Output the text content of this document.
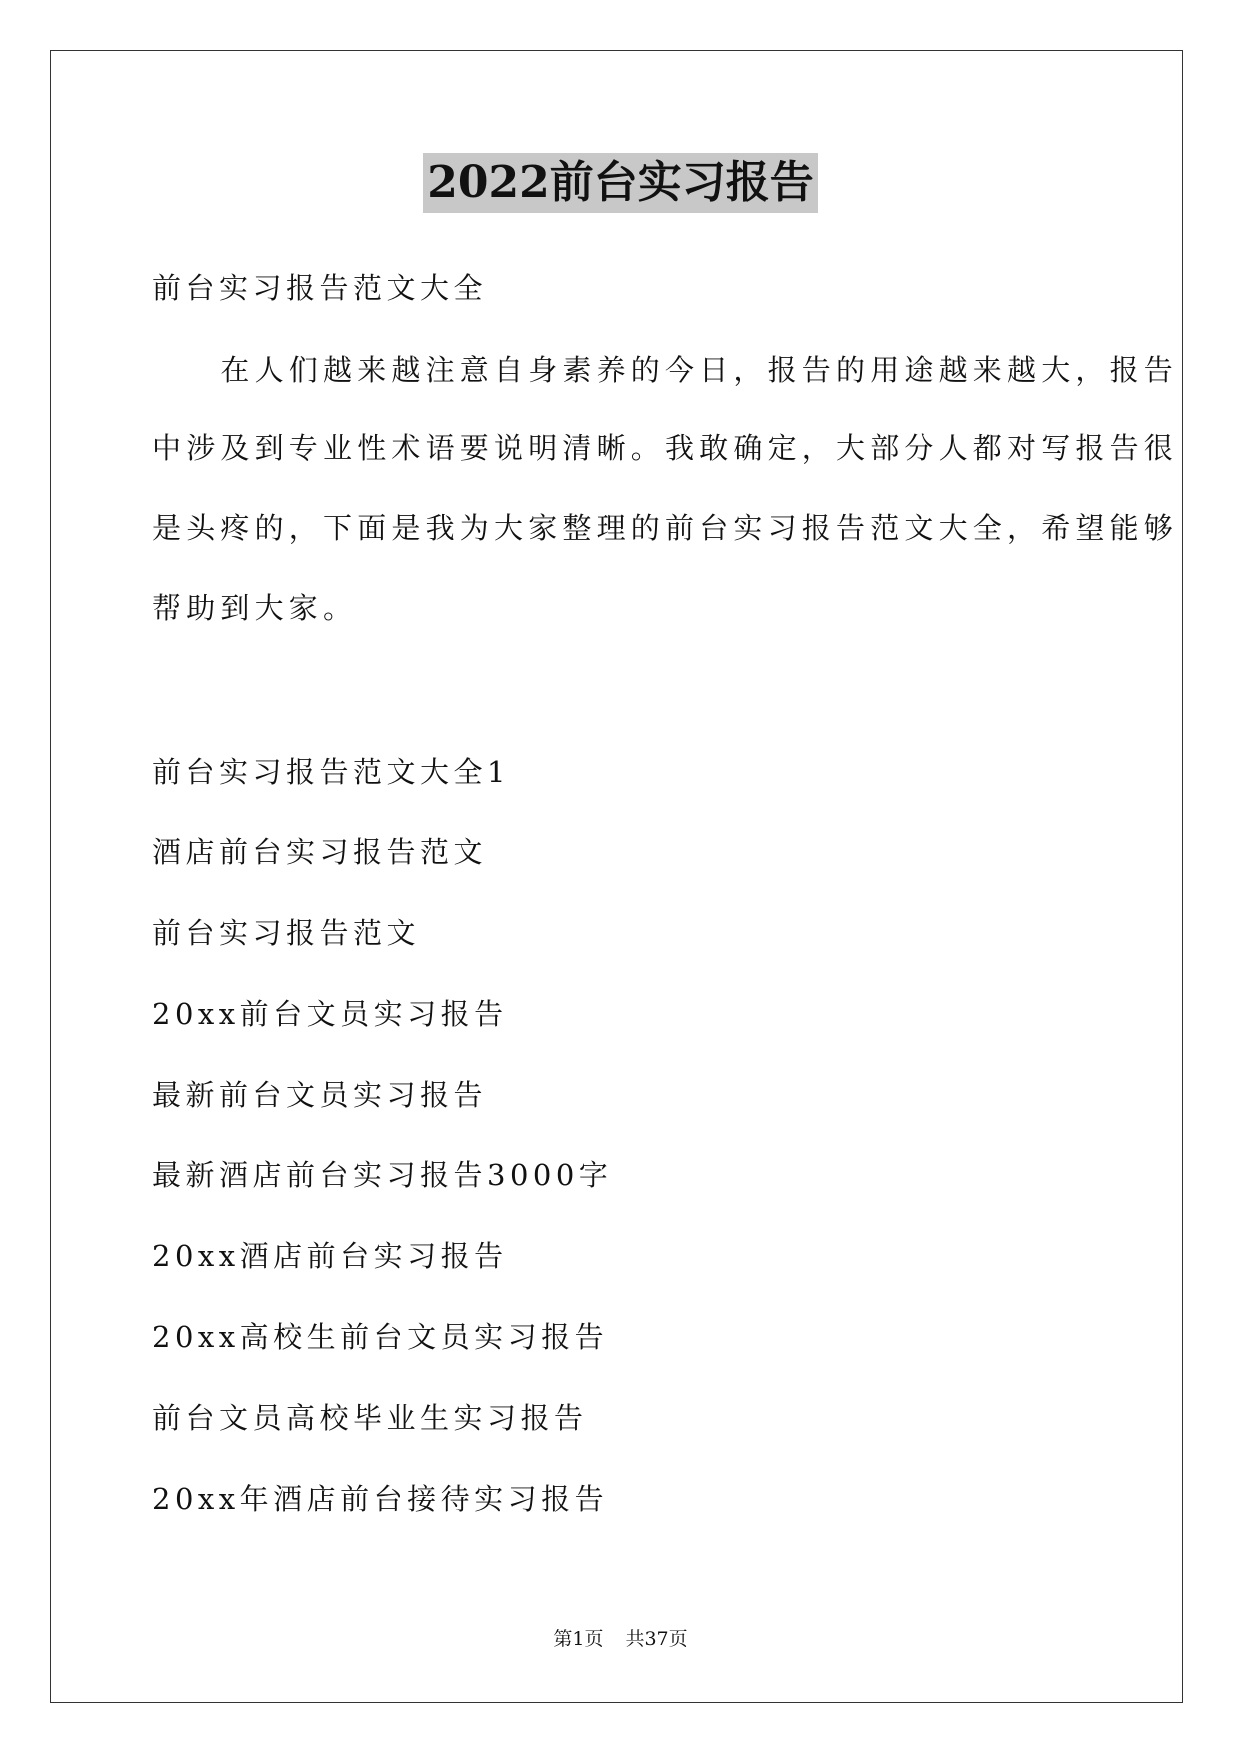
2022前台实习报告
前台实习报告范文大全
　　在人们越来越注意自身素养的今日，报告的用途越来越大，报告
中涉及到专业性术语要说明清晰。我敢确定，大部分人都对写报告很
是头疼的，下面是我为大家整理的前台实习报告范文大全，希望能够
帮助到大家。
前台实习报告范文大全1
酒店前台实习报告范文
前台实习报告范文
20xx前台文员实习报告
最新前台文员实习报告
最新酒店前台实习报告3000字
20xx酒店前台实习报告
20xx高校生前台文员实习报告
前台文员高校毕业生实习报告
20xx年酒店前台接待实习报告
第1页 共37页
